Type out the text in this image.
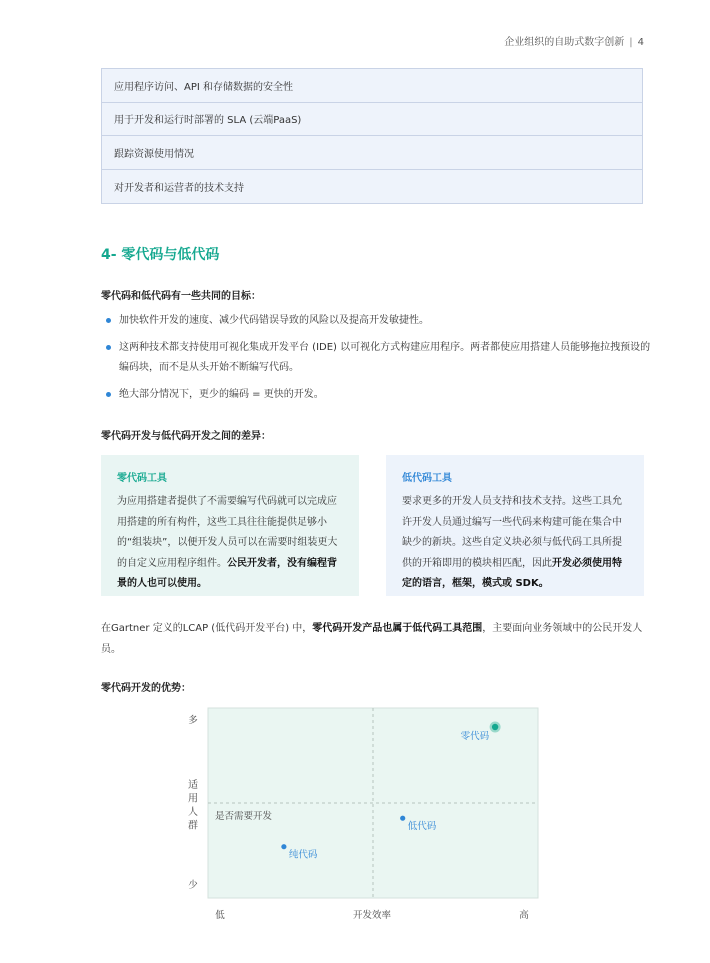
企业组织的自助式数字创新 | 4
应用程序访问、API 和存储数据的安全性
用于开发和运行时部署的 SLA (云端PaaS)
跟踪资源使用情况
对开发者和运营者的技术支持
4- 零代码与低代码
零代码和低代码有一些共同的目标：
加快软件开发的速度、减少代码错误导致的风险以及提高开发敏捷性。
这两种技术都支持使用可视化集成开发平台 (IDE) 以可视化方式构建应用程序。两者都使应用搭建人员能够拖拉拽预设的编码块，而不是从头开始不断编写代码。
绝大部分情况下，更少的编码 = 更快的开发。
零代码开发与低代码开发之间的差异：
零代码工具
为应用搭建者提供了不需要编写代码就可以完成应用搭建的所有构件，这些工具往往能提供足够小的“组装块”，以便开发人员可以在需要时组装更大的自定义应用程序组件。公民开发者，没有编程背景的人也可以使用。
低代码工具
要求更多的开发人员支持和技术支持。这些工具允许开发人员通过编写一些代码来构建可能在集合中缺少的新块。这些自定义块必须与低代码工具所提供的开箱即用的模块相匹配，因此开发必须使用特定的语言，框架，模式或 SDK。
在Gartner 定义的LCAP (低代码开发平台) 中，零代码开发产品也属于低代码工具范围，主要面向业务领域中的公民开发人员。
零代码开发的优势：
多
少
低	高
开发效率
适
用
人
群
是否需要开发
零代码
低代码
纯代码
